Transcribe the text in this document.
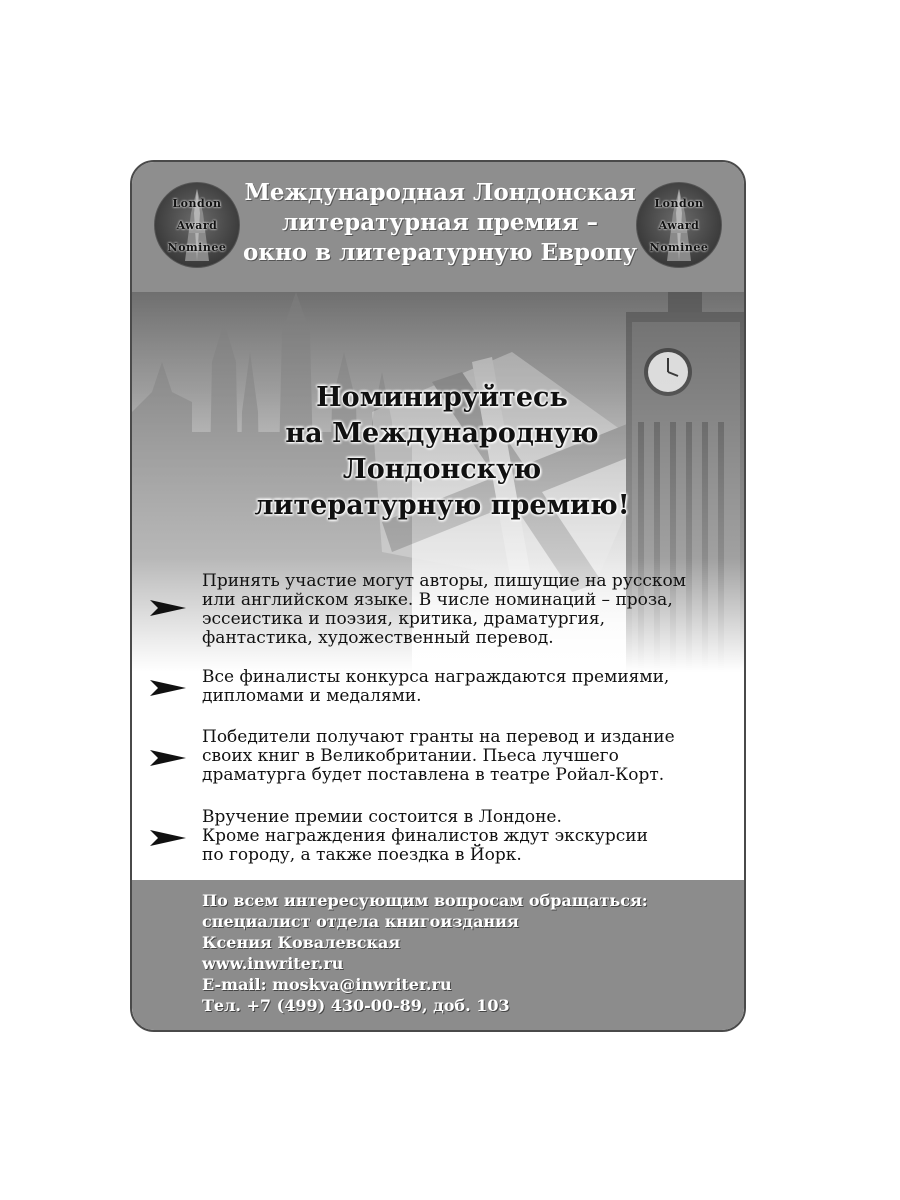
London
Award
Nominee
Международная Лондонская
литературная премия –
окно в литературную Европу
London
Award
Nominee
Номинируйтесь
на Международную
Лондонскую
литературную премию!
Принять участие могут авторы, пишущие на русском
или английском языке. В числе номинаций – проза,
эссеистика и поэзия, критика, драматургия,
фантастика, художественный перевод.
Все финалисты конкурса награждаются премиями,
дипломами и медалями.
Победители получают гранты на перевод и издание
своих книг в Великобритании. Пьеса лучшего
драматурга будет поставлена в театре Ройал-Корт.
Вручение премии состоится в Лондоне.
Кроме награждения финалистов ждут экскурсии
по городу, а также поездка в Йорк.
По всем интересующим вопросам обращаться:
специалист отдела книгоиздания
Ксения Ковалевская
www.inwriter.ru
E-mail: moskva@inwriter.ru
Тел. +7 (499) 430-00-89, доб. 103
